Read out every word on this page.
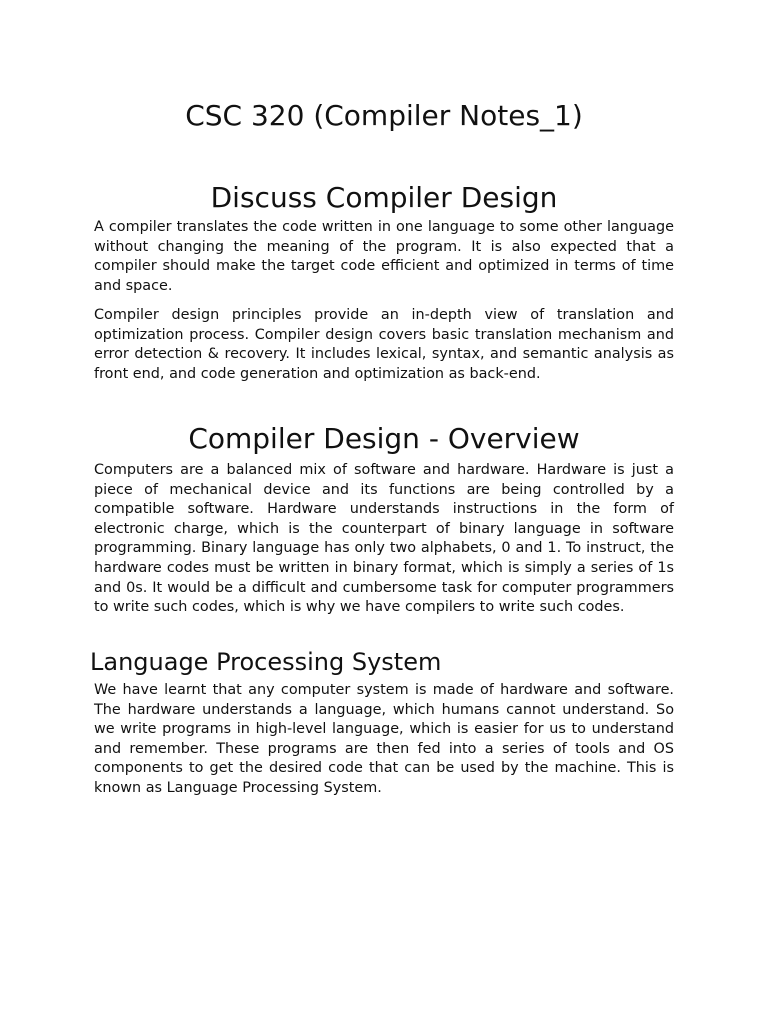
CSC 320 (Compiler Notes_1)
Discuss Compiler Design

A compiler translates the code written in one language to some other language without changing the meaning of the program. It is also expected that a compiler should make the target code efficient and optimized in terms of time and space.

Compiler design principles provide an in-depth view of translation and optimization process. Compiler design covers basic translation mechanism and error detection & recovery. It includes lexical, syntax, and semantic analysis as front end, and code generation and optimization as back-end.

Compiler Design - Overview

Computers are a balanced mix of software and hardware. Hardware is just a piece of mechanical device and its functions are being controlled by a compatible software. Hardware understands instructions in the form of electronic charge, which is the counterpart of binary language in software programming. Binary language has only two alphabets, 0 and 1. To instruct, the hardware codes must be written in binary format, which is simply a series of 1s and 0s. It would be a difficult and cumbersome task for computer programmers to write such codes, which is why we have compilers to write such codes.

Language Processing System

We have learnt that any computer system is made of hardware and software. The hardware understands a language, which humans cannot understand. So we write programs in high-level language, which is easier for us to understand and remember. These programs are then fed into a series of tools and OS components to get the desired code that can be used by the machine. This is known as Language Processing System.
